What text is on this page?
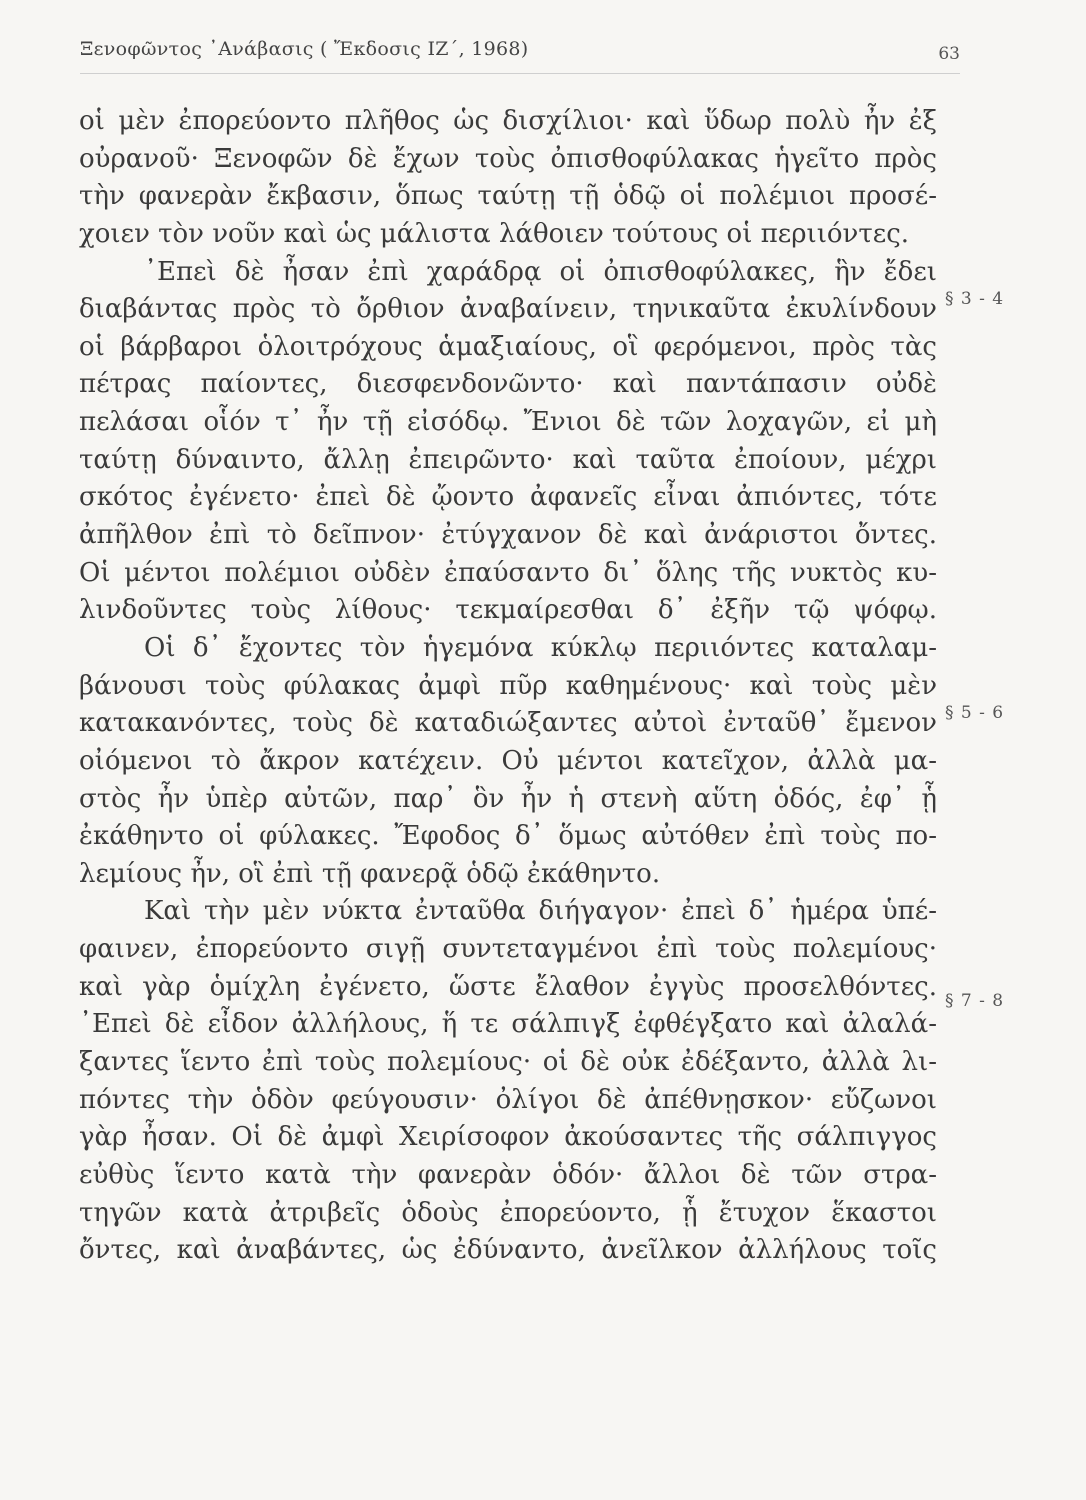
Ξενοφῶντος ᾿Ανάβασις ( Ἔκδοσις ΙΖ΄, 1968)	63
οἱ μὲν ἐπορεύοντο πλῆθος ὡς δισχίλιοι· καὶ ὕδωρ πολὺ ἦν ἐξ
οὐρανοῦ· Ξενοφῶν δὲ ἔχων τοὺς ὀπισθοφύλακας ἡγεῖτο πρὸς
τὴν φανερὰν ἔκβασιν, ὅπως ταύτῃ τῇ ὁδῷ οἱ πολέμιοι προσέ-
χοιεν τὸν νοῦν καὶ ὡς μάλιστα λάθοιεν τούτους οἱ περιιόντες.
᾿Επεὶ δὲ ἦσαν ἐπὶ χαράδρᾳ οἱ ὀπισθοφύλακες, ἣν ἔδει
διαβάντας πρὸς τὸ ὄρθιον ἀναβαίνειν, τηνικαῦτα ἐκυλίνδουν
οἱ βάρβαροι ὁλοιτρόχους ἁμαξιαίους, οἳ φερόμενοι, πρὸς τὰς
πέτρας παίοντες, διεσφενδονῶντο· καὶ παντάπασιν οὐδὲ
πελάσαι οἷόν τ᾿ ἦν τῇ εἰσόδῳ. Ἔνιοι δὲ τῶν λοχαγῶν, εἰ μὴ
ταύτῃ δύναιντο, ἄλλῃ ἐπειρῶντο· καὶ ταῦτα ἐποίουν, μέχρι
σκότος ἐγένετο· ἐπεὶ δὲ ᾤοντο ἀφανεῖς εἶναι ἀπιόντες, τότε
ἀπῆλθον ἐπὶ τὸ δεῖπνον· ἐτύγχανον δὲ καὶ ἀνάριστοι ὄντες.
Οἱ μέντοι πολέμιοι οὐδὲν ἐπαύσαντο δι᾿ ὅλης τῆς νυκτὸς κυ-
λινδοῦντες τοὺς λίθους· τεκμαίρεσθαι δ᾿ ἐξῆν τῷ ψόφῳ.
Οἱ δ᾿ ἔχοντες τὸν ἡγεμόνα κύκλῳ περιιόντες καταλαμ-
βάνουσι τοὺς φύλακας ἀμφὶ πῦρ καθημένους· καὶ τοὺς μὲν
κατακανόντες, τοὺς δὲ καταδιώξαντες αὐτοὶ ἐνταῦθ᾿ ἔμενον
οἰόμενοι τὸ ἄκρον κατέχειν. Οὐ μέντοι κατεῖχον, ἀλλὰ μα-
στὸς ἦν ὑπὲρ αὐτῶν, παρ᾿ ὃν ἦν ἡ στενὴ αὕτη ὁδός, ἐφ᾿ ᾗ
ἐκάθηντο οἱ φύλακες. Ἔφοδος δ᾿ ὅμως αὐτόθεν ἐπὶ τοὺς πο-
λεμίους ἦν, οἳ ἐπὶ τῇ φανερᾷ ὁδῷ ἐκάθηντο.
Καὶ τὴν μὲν νύκτα ἐνταῦθα διήγαγον· ἐπεὶ δ᾿ ἡμέρα ὑπέ-
φαινεν, ἐπορεύοντο σιγῇ συντεταγμένοι ἐπὶ τοὺς πολεμίους·
καὶ γὰρ ὁμίχλη ἐγένετο, ὥστε ἔλαθον ἐγγὺς προσελθόντες.
᾿Επεὶ δὲ εἶδον ἀλλήλους, ἥ τε σάλπιγξ ἐφθέγξατο καὶ ἀλαλά-
ξαντες ἵεντο ἐπὶ τοὺς πολεμίους· οἱ δὲ οὐκ ἐδέξαντο, ἀλλὰ λι-
πόντες τὴν ὁδὸν φεύγουσιν· ὀλίγοι δὲ ἀπέθνῃσκον· εὔζωνοι
γὰρ ἦσαν. Οἱ δὲ ἀμφὶ Χειρίσοφον ἀκούσαντες τῆς σάλπιγγος
εὐθὺς ἵεντο κατὰ τὴν φανερὰν ὁδόν· ἄλλοι δὲ τῶν στρα-
τηγῶν κατὰ ἀτριβεῖς ὁδοὺς ἐπορεύοντο, ᾗ ἔτυχον ἕκαστοι
ὄντες, καὶ ἀναβάντες, ὡς ἐδύναντο, ἀνεῖλκον ἀλλήλους τοῖς
§ 3 - 4
§ 5 - 6
§ 7 - 8
